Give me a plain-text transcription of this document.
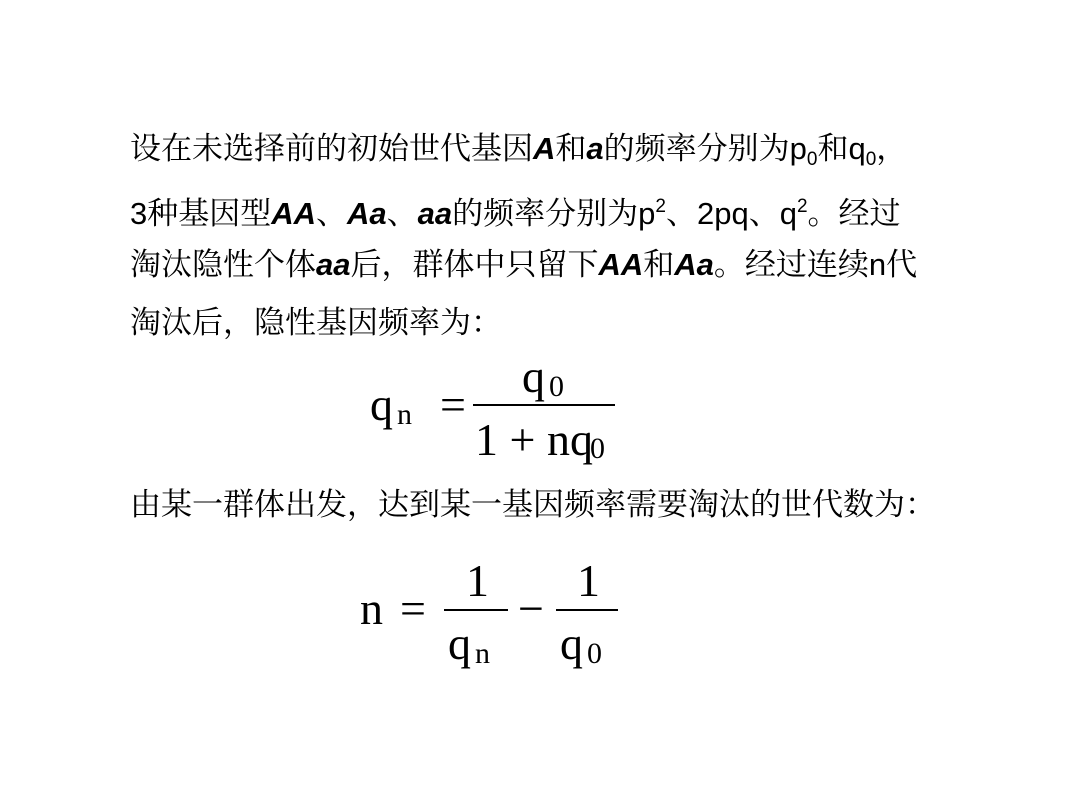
设在未选择前的初始世代基因A和a的频率分别为$p_0$和$q_0$，
3种基因型AA、Aa、aa的频率分别为$p^2$、2pq、$q^2$。经过
淘汰隐性个体aa后，群体中只留下AA和Aa。经过连续n代
淘汰后，隐性基因频率为：
q n =
q 0
1 + nq
0
由某一群体出发，达到某一基因频率需要淘汰的世代数为：
n =
1
q n
−
1
q 0
